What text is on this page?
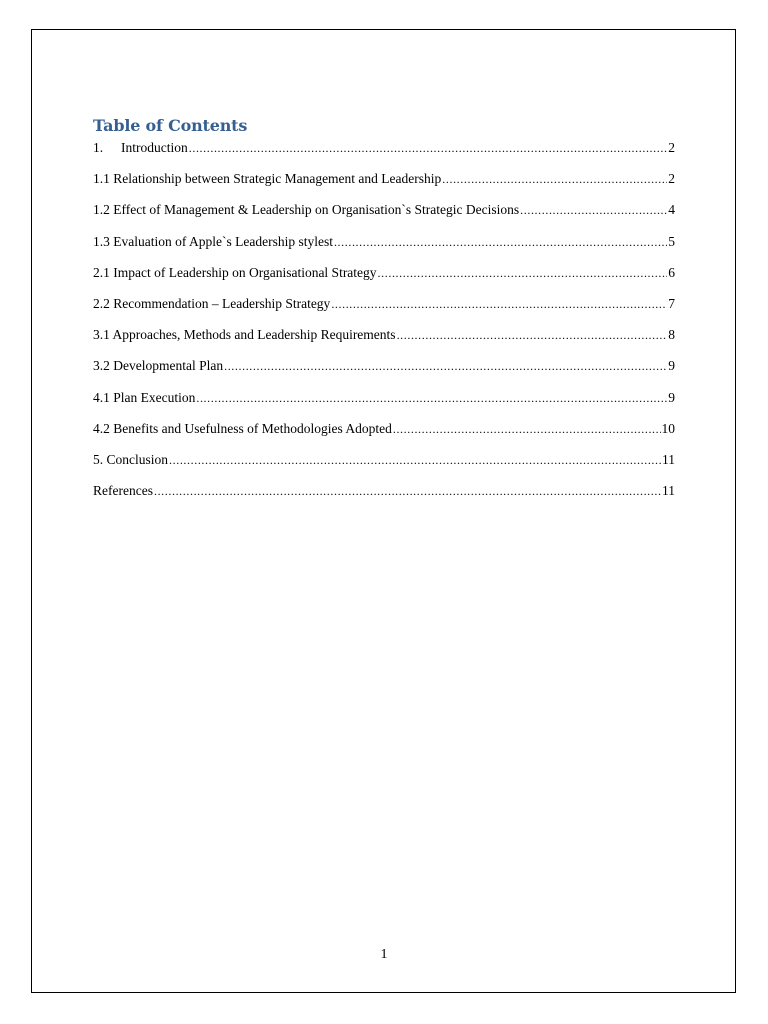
Table of Contents
1. Introduction .....	2
1.1 Relationship between Strategic Management and Leadership .....	2
1.2 Effect of Management & Leadership on Organisation`s Strategic Decisions .....	4
1.3 Evaluation of Apple`s Leadership stylest .....	5
2.1 Impact of Leadership on Organisational Strategy .....	6
2.2 Recommendation – Leadership Strategy .....	7
3.1 Approaches, Methods and Leadership Requirements .....	8
3.2 Developmental Plan .....	9
4.1 Plan Execution .....	9
4.2 Benefits and Usefulness of Methodologies Adopted .....	10
5. Conclusion .....	11
References .....	11
1
